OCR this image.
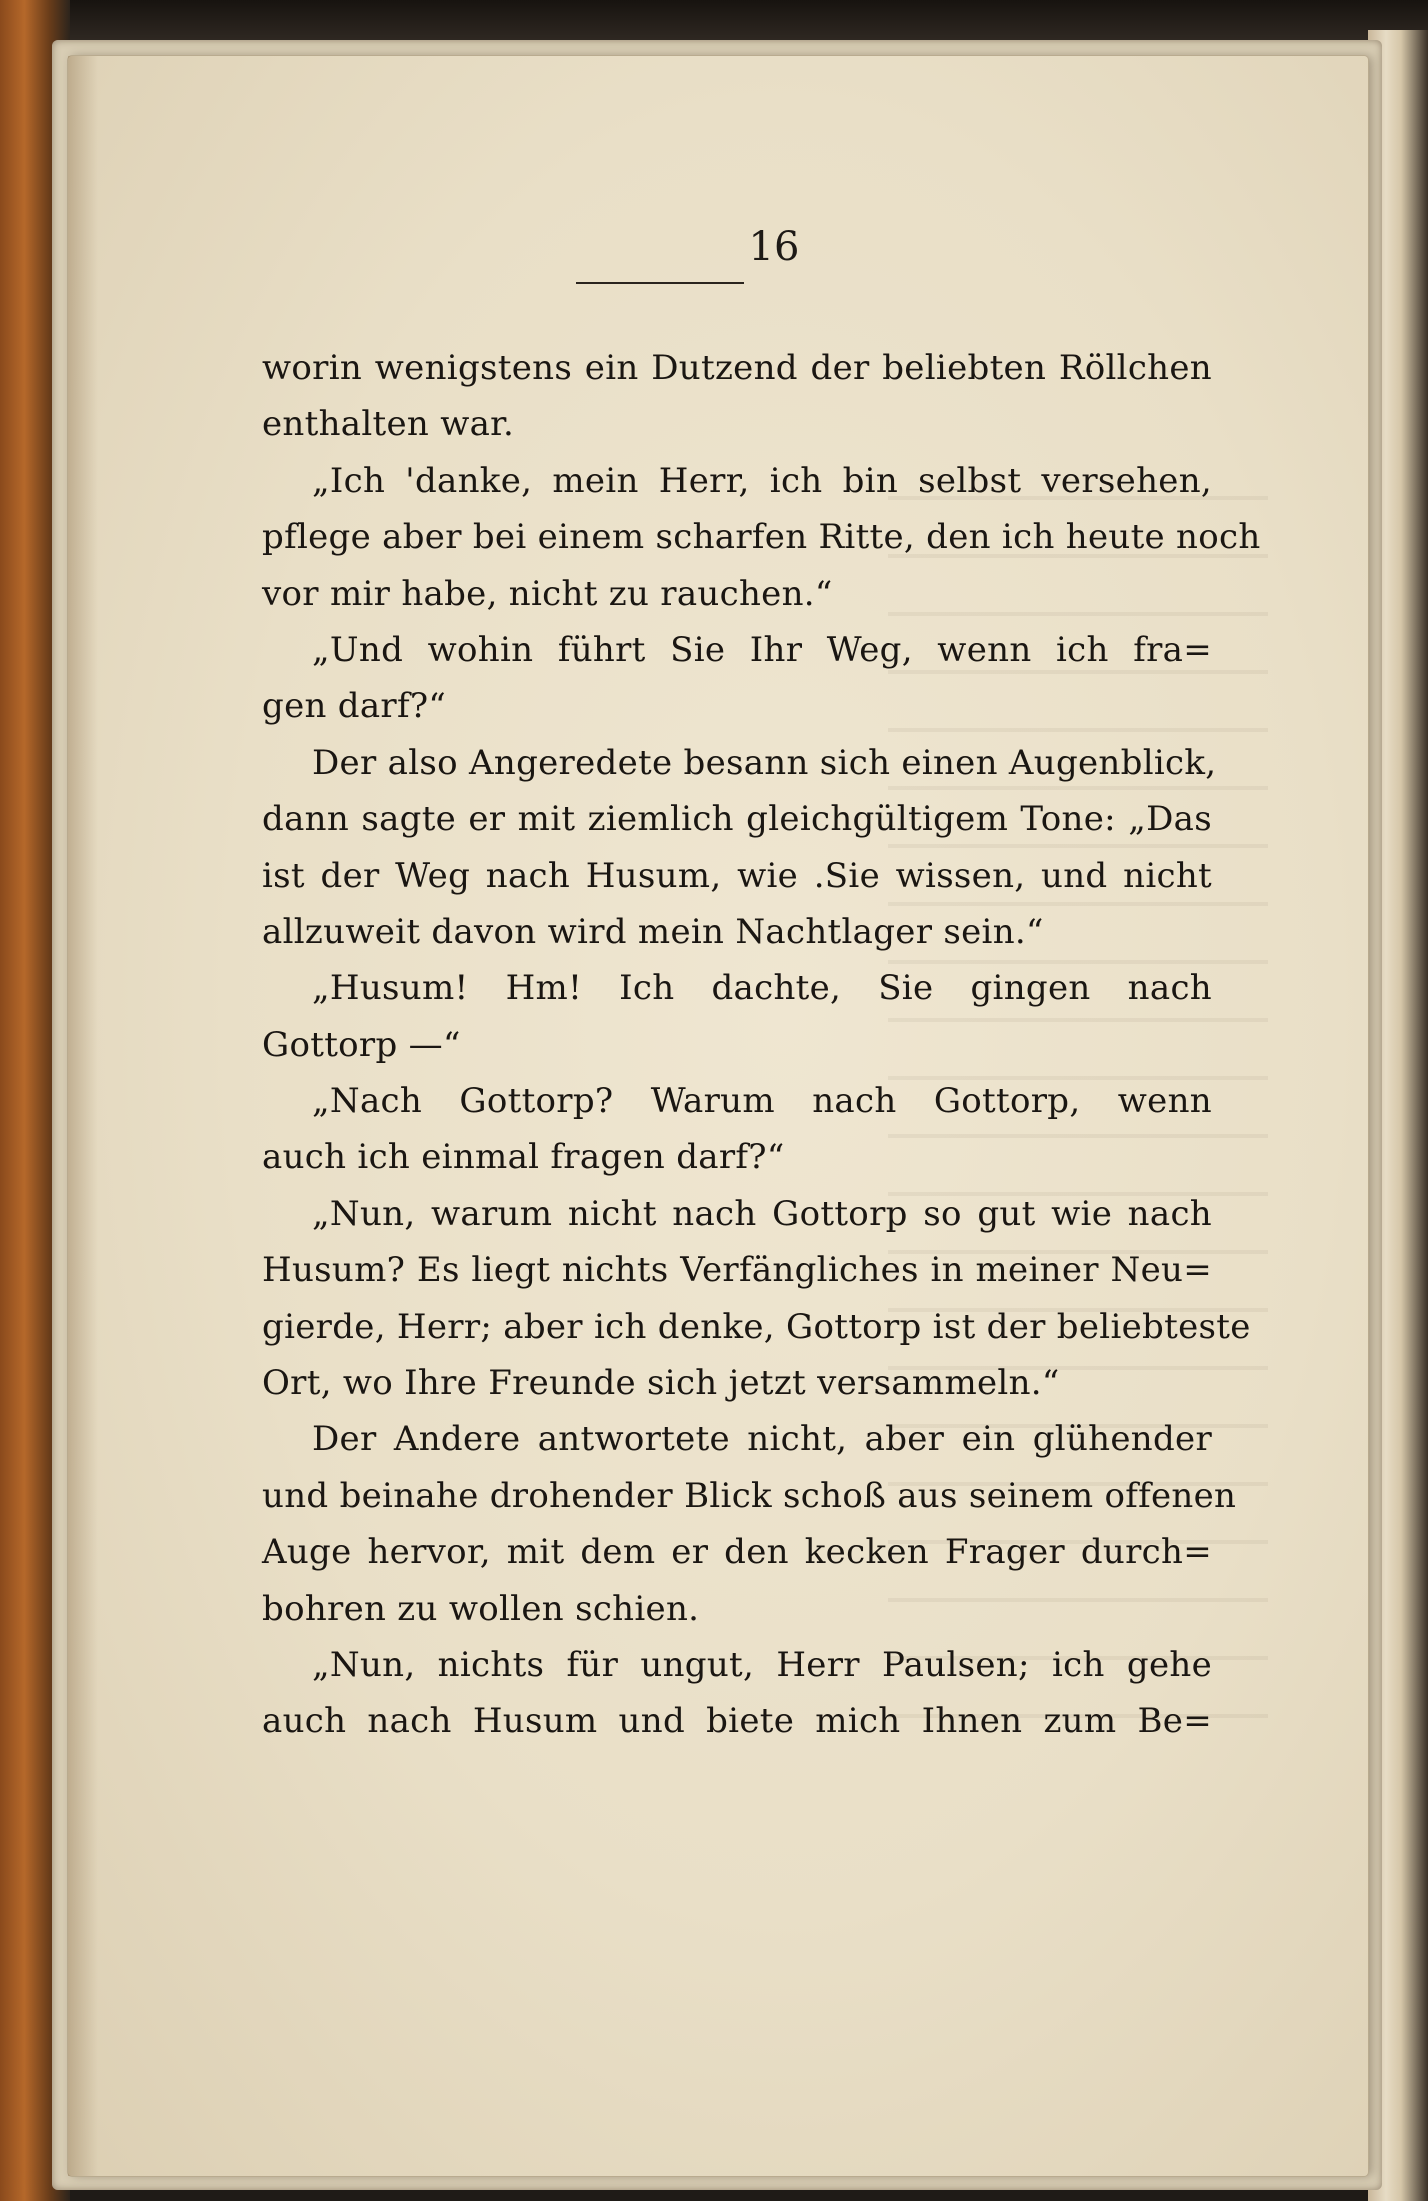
16
worin wenigstens ein Dutzend der beliebten Röllchen
enthalten war.
„Ich 'danke, mein Herr, ich bin selbst versehen,
pflege aber bei einem scharfen Ritte, den ich heute noch
vor mir habe, nicht zu rauchen.“
„Und wohin führt Sie Ihr Weg, wenn ich fra=
gen darf?“
Der also Angeredete besann sich einen Augenblick,
dann sagte er mit ziemlich gleichgültigem Tone: „Das
ist der Weg nach Husum, wie .Sie wissen, und nicht
allzuweit davon wird mein Nachtlager sein.“
„Husum! Hm! Ich dachte, Sie gingen nach
Gottorp —“
„Nach Gottorp? Warum nach Gottorp, wenn
auch ich einmal fragen darf?“
„Nun, warum nicht nach Gottorp so gut wie nach
Husum? Es liegt nichts Verfängliches in meiner Neu=
gierde, Herr; aber ich denke, Gottorp ist der beliebteste
Ort, wo Ihre Freunde sich jetzt versammeln.“
Der Andere antwortete nicht, aber ein glühender
und beinahe drohender Blick schoß aus seinem offenen
Auge hervor, mit dem er den kecken Frager durch=
bohren zu wollen schien.
„Nun, nichts für ungut, Herr Paulsen; ich gehe
auch nach Husum und biete mich Ihnen zum Be=
